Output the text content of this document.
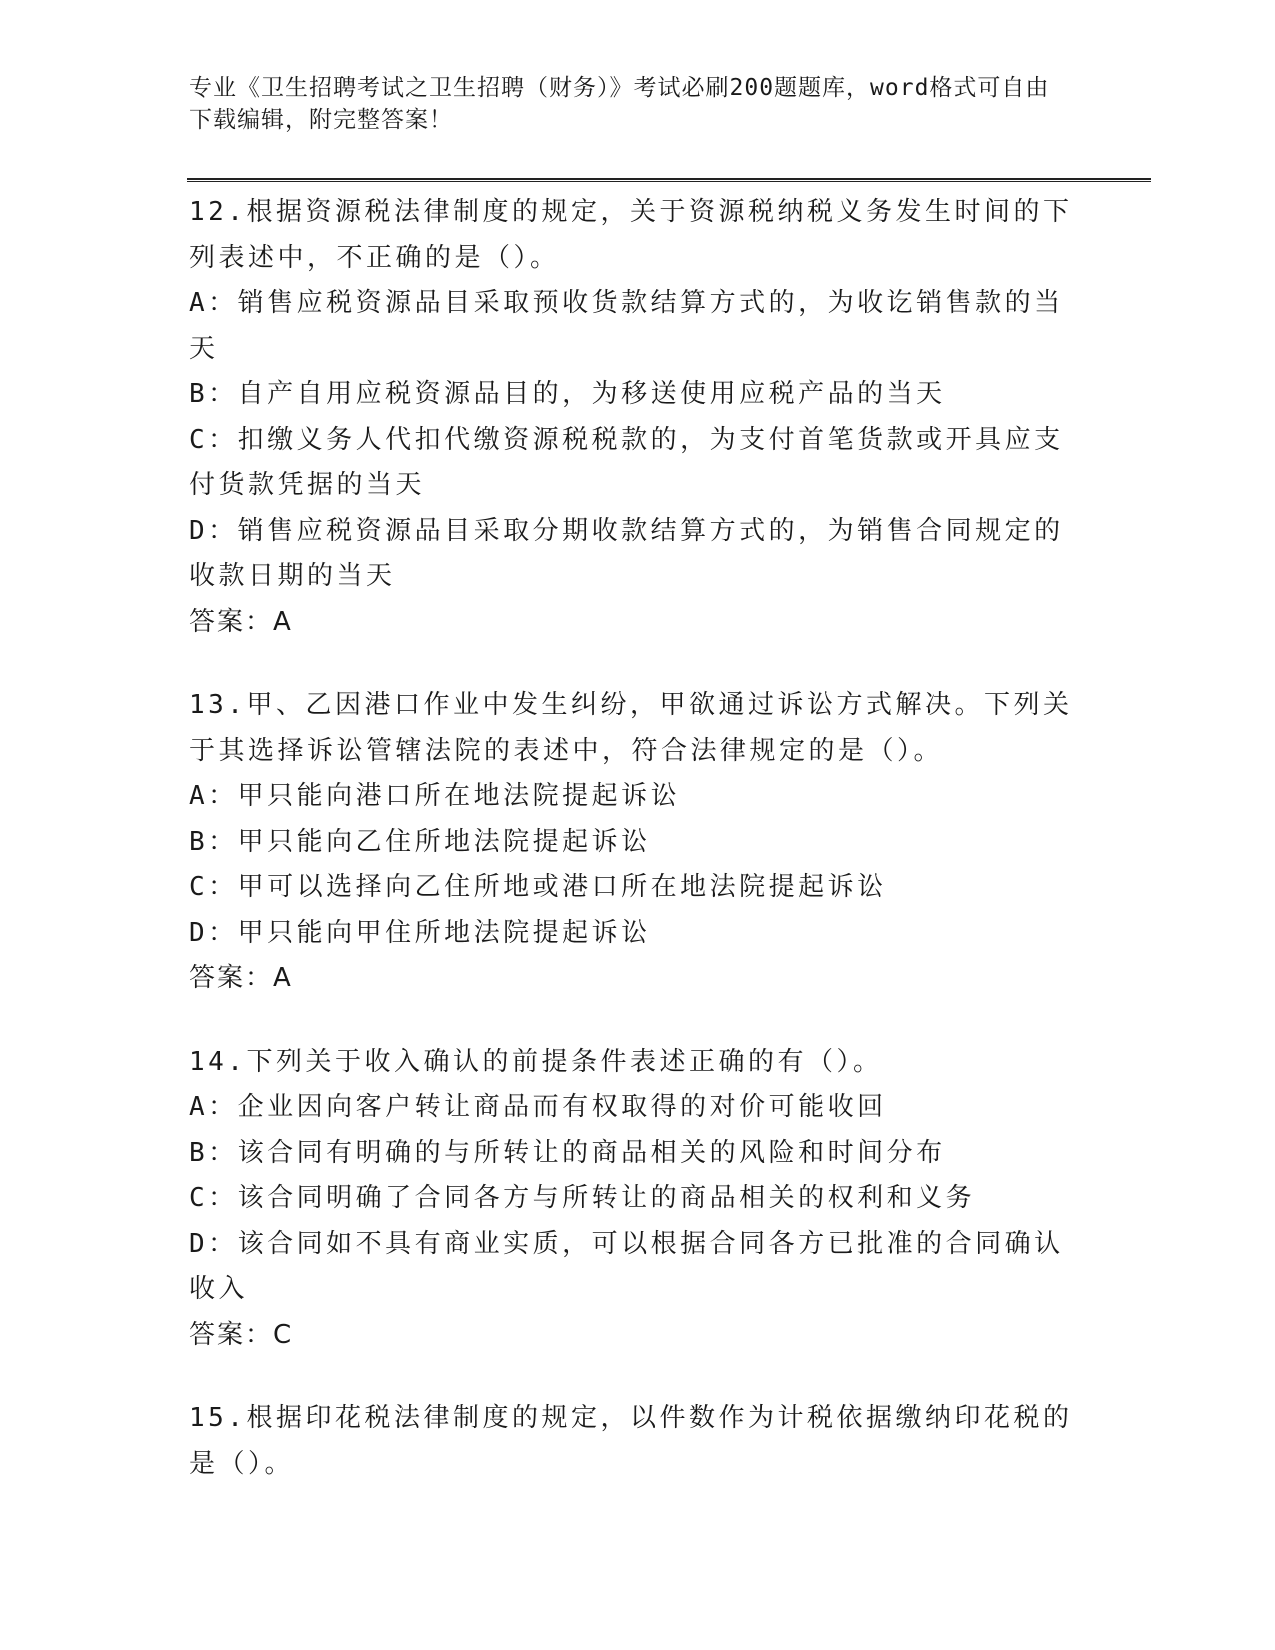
专业《卫生招聘考试之卫生招聘（财务）》考试必刷200题题库，word格式可自由下载编辑，附完整答案！

12.根据资源税法律制度的规定，关于资源税纳税义务发生时间的下列表述中，不正确的是（）。

A：销售应税资源品目采取预收货款结算方式的，为收讫销售款的当天

B：自产自用应税资源品目的，为移送使用应税产品的当天

C：扣缴义务人代扣代缴资源税税款的，为支付首笔货款或开具应支付货款凭据的当天

D：销售应税资源品目采取分期收款结算方式的，为销售合同规定的收款日期的当天

答案：A

13.甲、乙因港口作业中发生纠纷，甲欲通过诉讼方式解决。下列关于其选择诉讼管辖法院的表述中，符合法律规定的是（）。

A：甲只能向港口所在地法院提起诉讼

B：甲只能向乙住所地法院提起诉讼

C：甲可以选择向乙住所地或港口所在地法院提起诉讼

D：甲只能向甲住所地法院提起诉讼

答案：A

14.下列关于收入确认的前提条件表述正确的有（）。

A：企业因向客户转让商品而有权取得的对价可能收回

B：该合同有明确的与所转让的商品相关的风险和时间分布

C：该合同明确了合同各方与所转让的商品相关的权利和义务

D：该合同如不具有商业实质，可以根据合同各方已批准的合同确认收入

答案：C

15.根据印花税法律制度的规定，以件数作为计税依据缴纳印花税的是（）。
